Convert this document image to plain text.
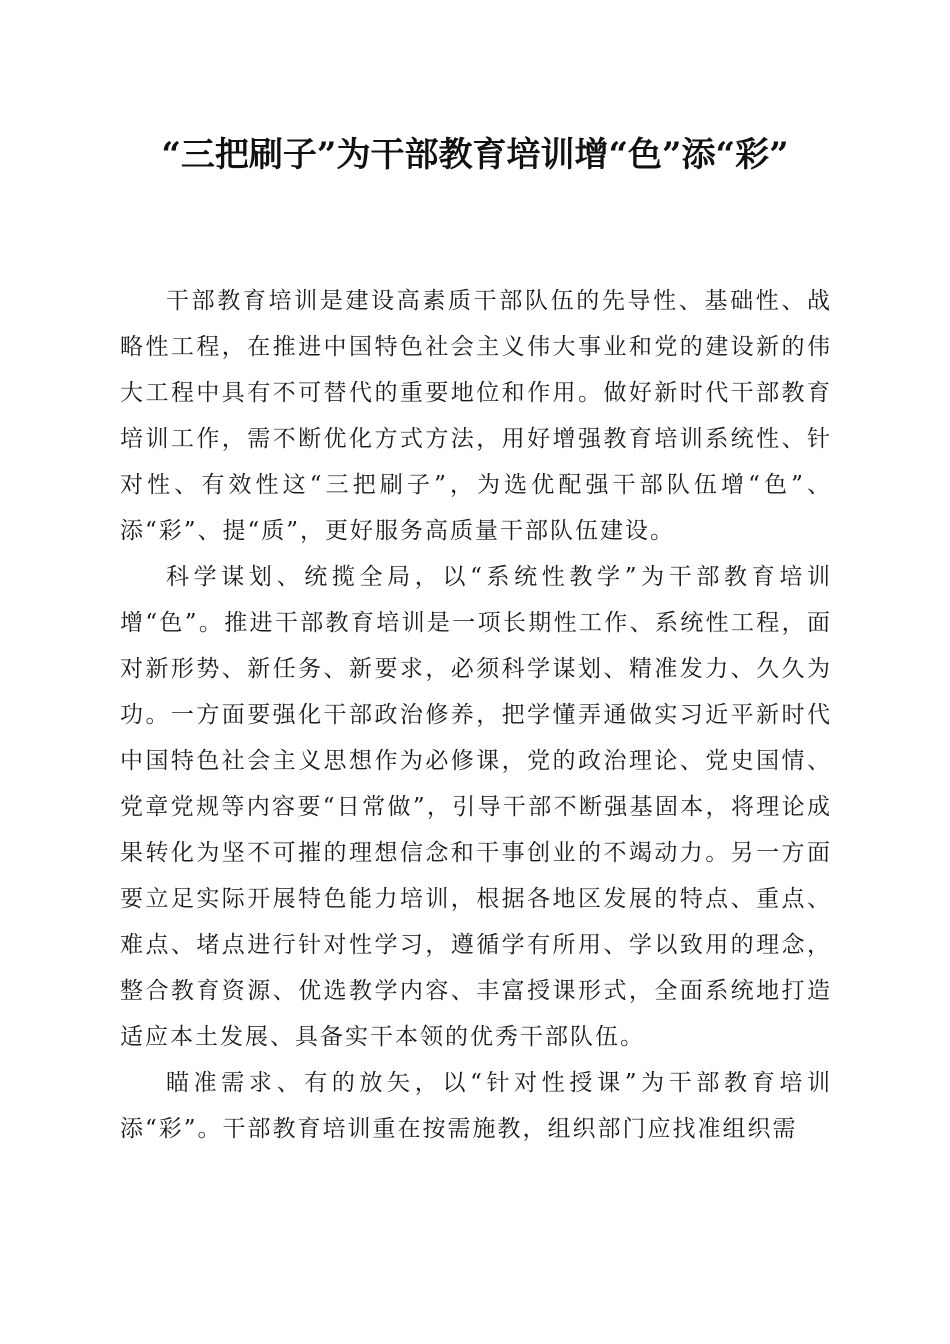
“三把刷子”为干部教育培训增“色”添“彩”

干部教育培训是建设高素质干部队伍的先导性、基础性、战略性工程，在推进中国特色社会主义伟大事业和党的建设新的伟大工程中具有不可替代的重要地位和作用。做好新时代干部教育培训工作，需不断优化方式方法，用好增强教育培训系统性、针对性、有效性这“三把刷子”，为选优配强干部队伍增“色”、添“彩”、提“质”，更好服务高质量干部队伍建设。

科学谋划、统揽全局，以“系统性教学”为干部教育培训增“色”。推进干部教育培训是一项长期性工作、系统性工程，面对新形势、新任务、新要求，必须科学谋划、精准发力、久久为功。一方面要强化干部政治修养，把学懂弄通做实习近平新时代中国特色社会主义思想作为必修课，党的政治理论、党史国情、党章党规等内容要“日常做”，引导干部不断强基固本，将理论成果转化为坚不可摧的理想信念和干事创业的不竭动力。另一方面要立足实际开展特色能力培训，根据各地区发展的特点、重点、难点、堵点进行针对性学习，遵循学有所用、学以致用的理念，整合教育资源、优选教学内容、丰富授课形式，全面系统地打造适应本土发展、具备实干本领的优秀干部队伍。

瞄准需求、有的放矢，以“针对性授课”为干部教育培训添“彩”。干部教育培训重在按需施教，组织部门应找准组织需
